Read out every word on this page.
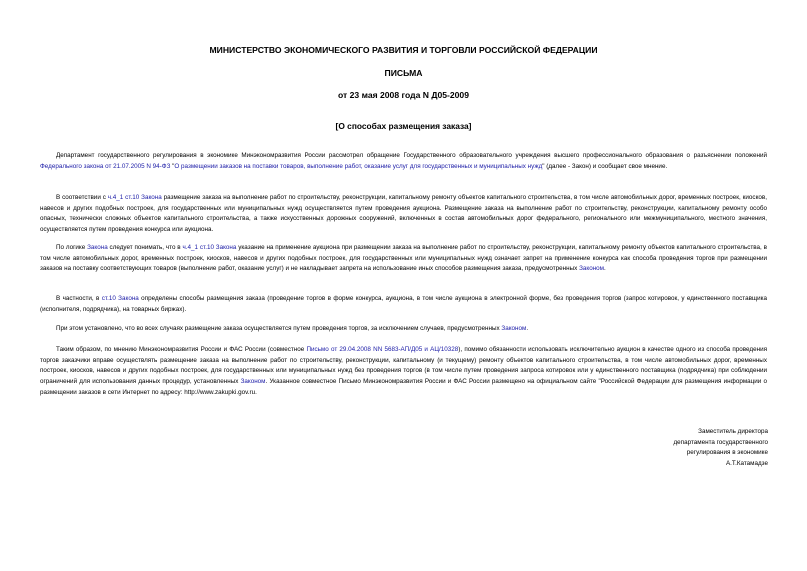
МИНИСТЕРСТВО ЭКОНОМИЧЕСКОГО РАЗВИТИЯ И ТОРГОВЛИ РОССИЙСКОЙ ФЕДЕРАЦИИ
ПИСЬМА
от 23 мая 2008 года N Д05-2009
[О способах размещения заказа]

Департамент государственного регулирования в экономике Минэкономразвития России рассмотрел обращение Государственного образовательного учреждения высшего профессионального образования о разъяснении положений Федерального закона от 21.07.2005 N 94-ФЗ "О размещении заказов на поставки товаров, выполнение работ, оказание услуг для государственных и муниципальных нужд" (далее - Закон) и сообщает свое мнение.

В соответствии с ч.4_1 ст.10 Закона размещение заказа на выполнение работ по строительству, реконструкции, капитальному ремонту объектов капитального строительства, в том числе автомобильных дорог, временных построек, киосков, навесов и других подобных построек, для государственных или муниципальных нужд осуществляется путем проведения аукциона. Размещение заказа на выполнение работ по строительству, реконструкции, капитальному ремонту особо опасных, технически сложных объектов капитального строительства, а также искусственных дорожных сооружений, включенных в состав автомобильных дорог федерального, регионального или межмуниципального, местного значения, осуществляется путем проведения конкурса или аукциона.

По логике Закона следует понимать, что в ч.4_1 ст.10 Закона указание на применение аукциона при размещении заказа на выполнение работ по строительству, реконструкции, капитальному ремонту объектов капитального строительства, в том числе автомобильных дорог, временных построек, киосков, навесов и других подобных построек, для государственных или муниципальных нужд означает запрет на применение конкурса как способа проведения торгов при размещении заказов на поставку соответствующих товаров (выполнение работ, оказание услуг) и не накладывает запрета на использование иных способов размещения заказа, предусмотренных Законом.

В частности, в ст.10 Закона определены способы размещения заказа (проведение торгов в форме конкурса, аукциона, в том числе аукциона в электронной форме, без проведения торгов (запрос котировок, у единственного поставщика (исполнителя, подрядчика), на товарных биржах).

При этом установлено, что во всех случаях размещение заказа осуществляется путем проведения торгов, за исключением случаев, предусмотренных Законом.

Таким образом, по мнению Минэкономразвития России и ФАС России (совместное Письмо от 29.04.2008 NN 5683-АП/Д05 и АЦ/10328), помимо обязанности использовать исключительно аукцион в качестве одного из способа проведения торгов заказчики вправе осуществлять размещение заказа на выполнение работ по строительству, реконструкции, капитальному (и текущему) ремонту объектов капитального строительства, в том числе автомобильных дорог, временных построек, киосков, навесов и других подобных построек, для государственных или муниципальных нужд без проведения торгов (в том числе путем проведения запроса котировок или у единственного поставщика (подрядчика) при соблюдении ограничений для использования данных процедур, установленных Законом. Указанное совместное Письмо Минэкономразвития России и ФАС России размещено на официальном сайте "Российской Федерации для размещения информации о размещении заказов в сети Интернет по адресу: http://www.zakupki.gov.ru.

Заместитель директора
департамента государственного
регулирования в экономике
А.Т.Катамадзе
